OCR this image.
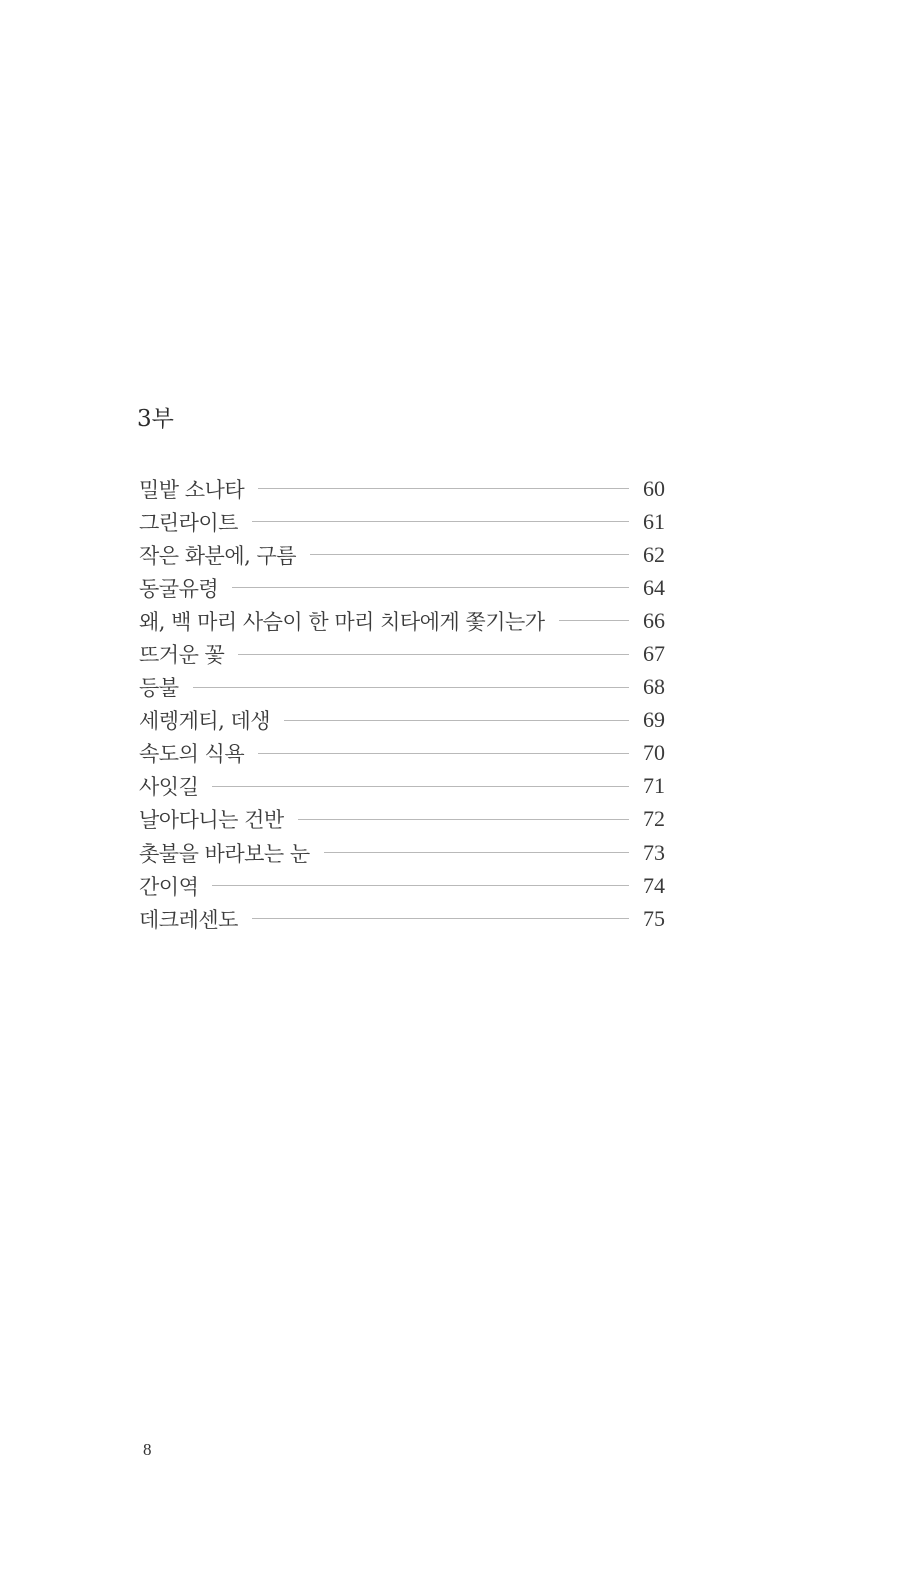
3부
밀밭 소나타	60
그린라이트	61
작은 화분에, 구름	62
동굴유령	64
왜, 백 마리 사슴이 한 마리 치타에게 쫓기는가	66
뜨거운 꽃	67
등불	68
세렝게티, 데생	69
속도의 식욕	70
사잇길	71
날아다니는 건반	72
촛불을 바라보는 눈	73
간이역	74
데크레센도	75
8
